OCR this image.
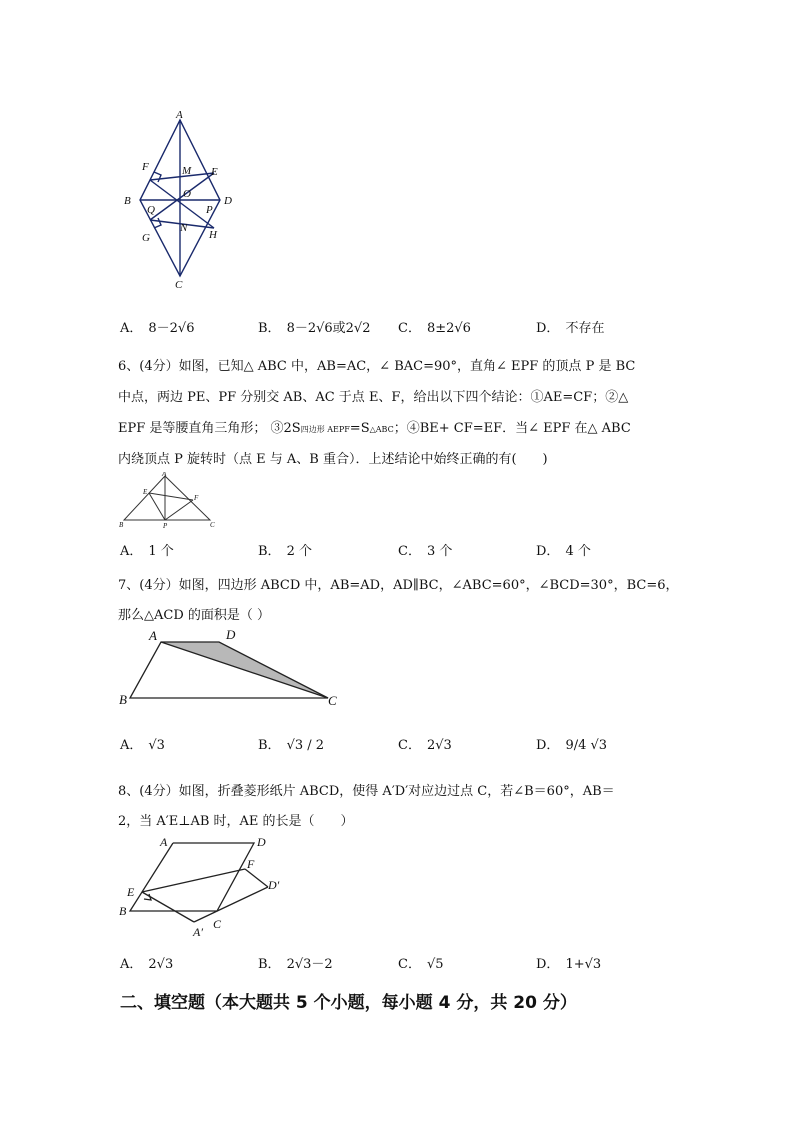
A
F	M E
O
B	D
Q	P
N
G	H
C
A． 8－2√6	B． 8－2√6或2√2 C． 8±2√6	D． 不存在
6、(4分）如图，已知△ ABC 中，AB=AC，∠ BAC=90°，直角∠ EPF 的顶点 P 是 BC
中点，两边 PE、PF 分别交 AB、AC 于点 E、F，给出以下四个结论：①AE=CF；②△
EPF 是等腰直角三角形； ③2S四边形 AEPF=S△ABC；④BE+ CF=EF．当∠ EPF 在△ ABC
内绕顶点 P 旋转时（点 E 与 A、B 重合）．上述结论中始终正确的有(　　)
A
E
F
B	P	C
A． 1 个	B． 2 个	C． 3 个	D． 4 个
7、(4分）如图，四边形 ABCD 中，AB=AD，AD∥BC，∠ABC=60°，∠BCD=30°，BC=6，
那么△ACD 的面积是（ ）
A	D
B	C
A． √3	B． √3 / 2	C． 2√3	D． 9/4 √3
8、(4分）如图，折叠菱形纸片 ABCD，使得 A′D′对应边过点 C，若∠B＝60°，AB＝
2，当 A′E⊥AB 时，AE 的长是（　　）
A	D
F
D′
E
B
C
A′
A． 2√3	B． 2√3－2	C． √5	D． 1+√3
二、填空题（本大题共 5 个小题，每小题 4 分，共 20 分）
